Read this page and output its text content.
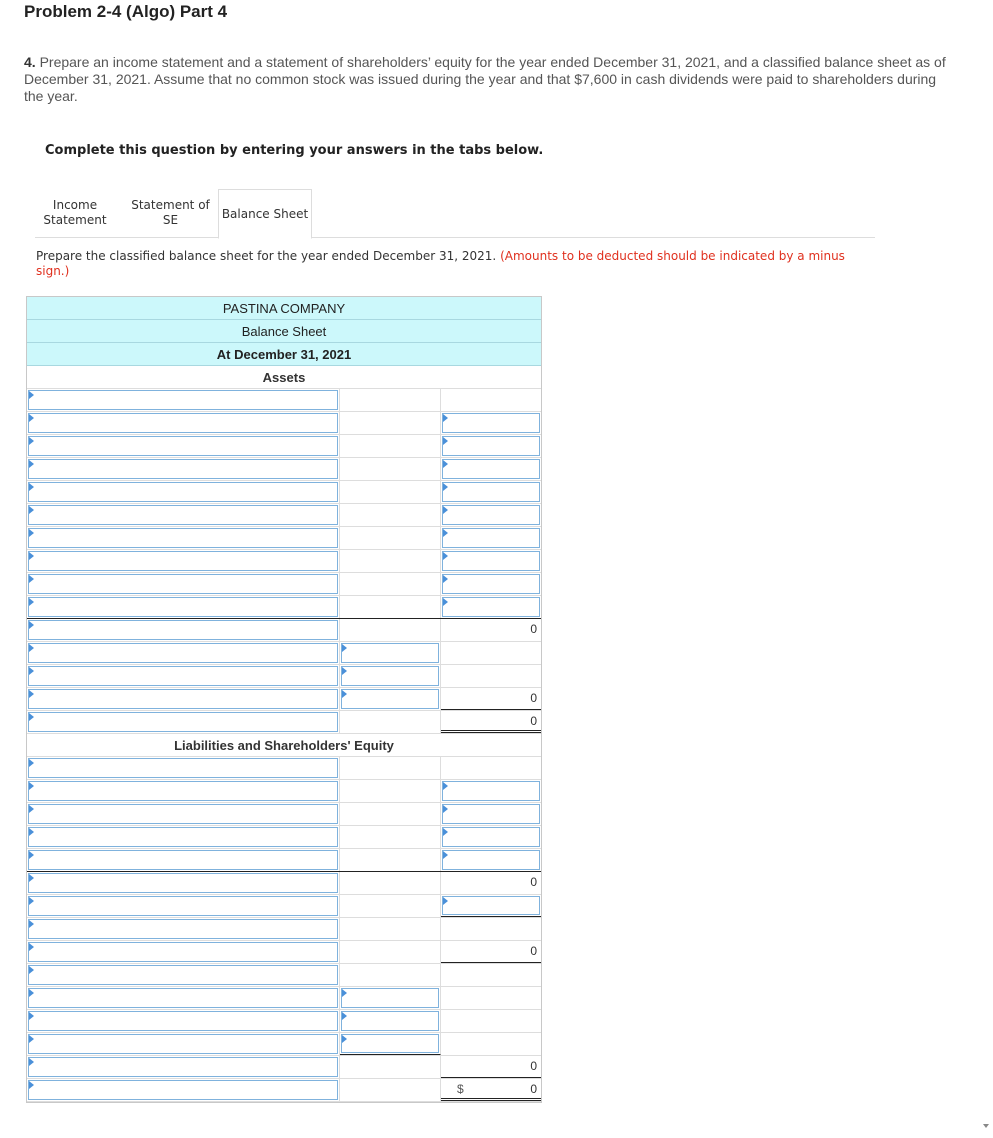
Problem 2-4 (Algo) Part 4

4. Prepare an income statement and a statement of shareholders’ equity for the year ended December 31, 2021, and a classified balance sheet as of December 31, 2021. Assume that no common stock was issued during the year and that $7,600 in cash dividends were paid to shareholders during the year.

Complete this question by entering your answers in the tabs below.
Income
Statement
Statement of
SE	Balance Sheet

Prepare the classified balance sheet for the year ended December 31, 2021. (Amounts to be deducted should be indicated by a minus sign.)

PASTINA COMPANY
Balance Sheet
At December 31, 2021
Assets
0
0
0
Liabilities and Shareholders' Equity
0
0
0
$	0
